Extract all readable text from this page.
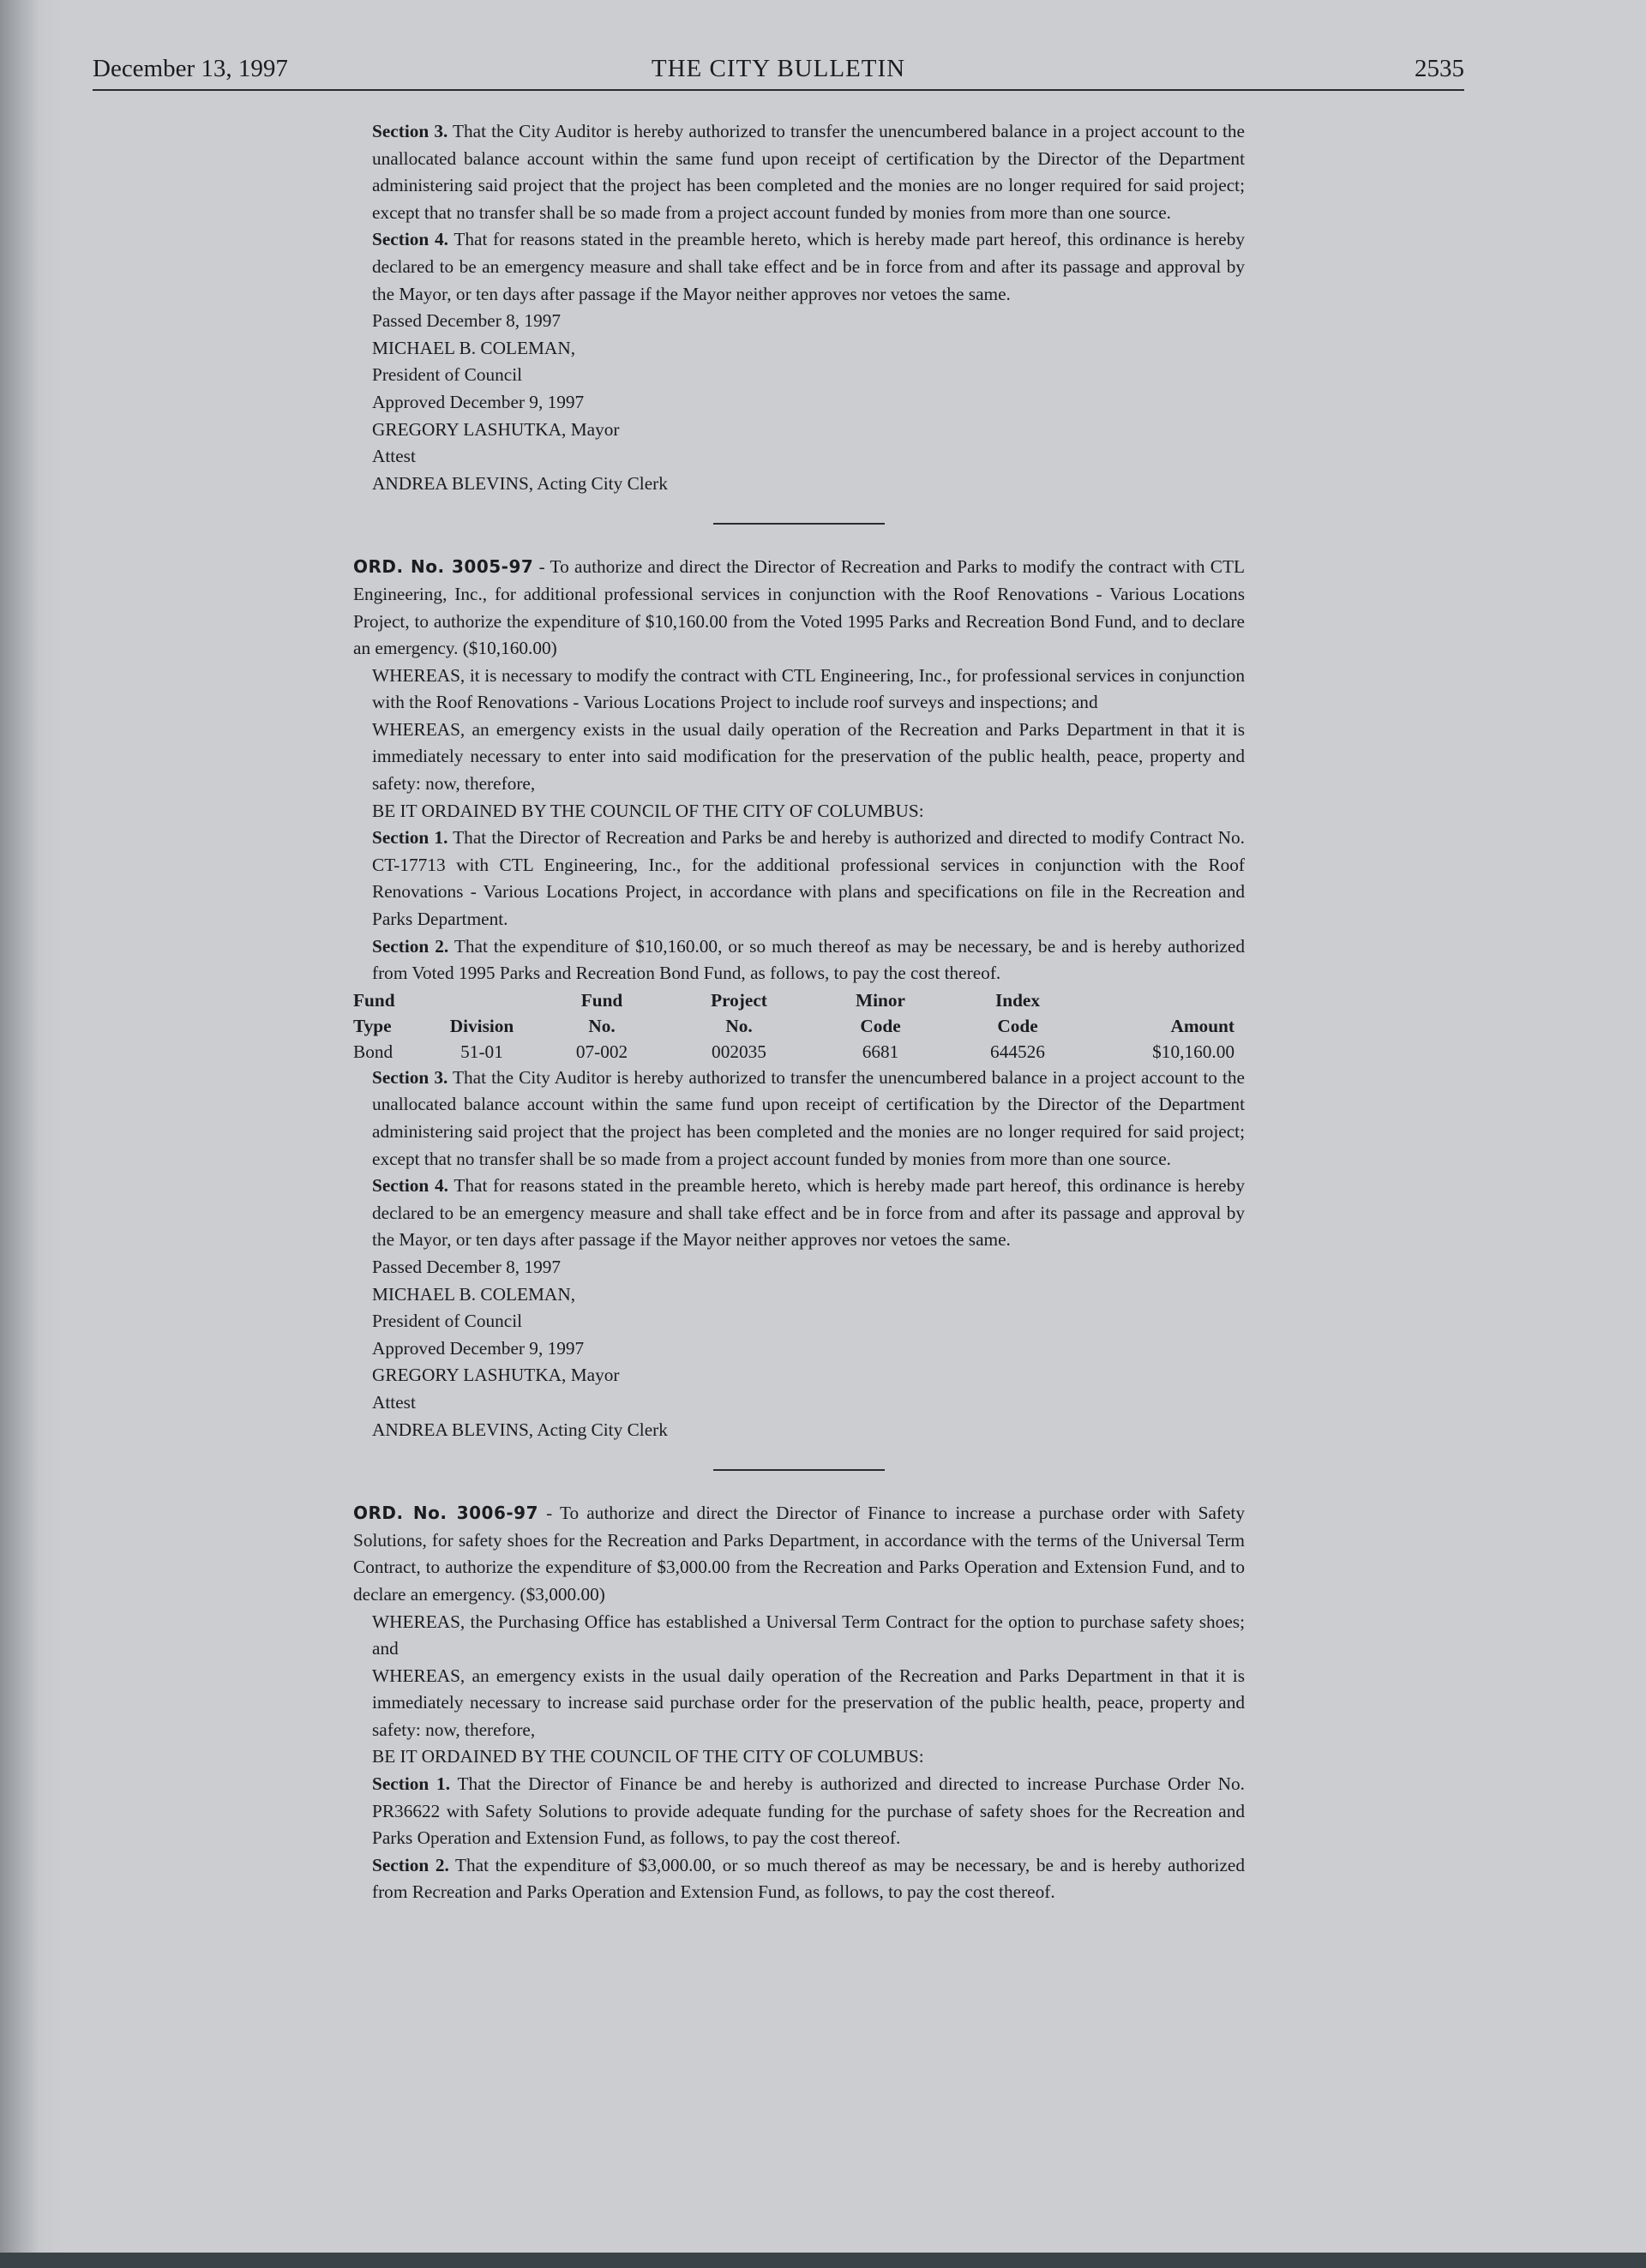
December 13, 1997	THE CITY BULLETIN	2535

Section 3. That the City Auditor is hereby authorized to transfer the unencumbered balance in a project account to the unallocated balance account within the same fund upon receipt of certification by the Director of the Department administering said project that the project has been completed and the monies are no longer required for said project; except that no transfer shall be so made from a project account funded by monies from more than one source.

Section 4. That for reasons stated in the preamble hereto, which is hereby made part hereof, this ordinance is hereby declared to be an emergency measure and shall take effect and be in force from and after its passage and approval by the Mayor, or ten days after passage if the Mayor neither approves nor vetoes the same.

Passed December 8, 1997
MICHAEL B. COLEMAN,
President of Council
Approved December 9, 1997
GREGORY LASHUTKA, Mayor
Attest
ANDREA BLEVINS, Acting City Clerk

ORD. No. 3005-97 - To authorize and direct the Director of Recreation and Parks to modify the contract with CTL Engineering, Inc., for additional professional services in conjunction with the Roof Renovations - Various Locations Project, to authorize the expenditure of $10,160.00 from the Voted 1995 Parks and Recreation Bond Fund, and to declare an emergency. ($10,160.00)

WHEREAS, it is necessary to modify the contract with CTL Engineering, Inc., for professional services in conjunction with the Roof Renovations - Various Locations Project to include roof surveys and inspections; and

WHEREAS, an emergency exists in the usual daily operation of the Recreation and Parks Department in that it is immediately necessary to enter into said modification for the preservation of the public health, peace, property and safety: now, therefore,

BE IT ORDAINED BY THE COUNCIL OF THE CITY OF COLUMBUS:

Section 1. That the Director of Recreation and Parks be and hereby is authorized and directed to modify Contract No. CT-17713 with CTL Engineering, Inc., for the additional professional services in conjunction with the Roof Renovations - Various Locations Project, in accordance with plans and specifications on file in the Recreation and Parks Department.

Section 2. That the expenditure of $10,160.00, or so much thereof as may be necessary, be and is hereby authorized from Voted 1995 Parks and Recreation Bond Fund, as follows, to pay the cost thereof.

Fund		Fund	Project	Minor	Index	
Type	Division	No.	No.	Code	Code	Amount
Bond	51-01	07-002	002035	6681	644526	$10,160.00

Section 3. That the City Auditor is hereby authorized to transfer the unencumbered balance in a project account to the unallocated balance account within the same fund upon receipt of certification by the Director of the Department administering said project that the project has been completed and the monies are no longer required for said project; except that no transfer shall be so made from a project account funded by monies from more than one source.

Section 4. That for reasons stated in the preamble hereto, which is hereby made part hereof, this ordinance is hereby declared to be an emergency measure and shall take effect and be in force from and after its passage and approval by the Mayor, or ten days after passage if the Mayor neither approves nor vetoes the same.

Passed December 8, 1997
MICHAEL B. COLEMAN,
President of Council
Approved December 9, 1997
GREGORY LASHUTKA, Mayor
Attest
ANDREA BLEVINS, Acting City Clerk

ORD. No. 3006-97 - To authorize and direct the Director of Finance to increase a purchase order with Safety Solutions, for safety shoes for the Recreation and Parks Department, in accordance with the terms of the Universal Term Contract, to authorize the expenditure of $3,000.00 from the Recreation and Parks Operation and Extension Fund, and to declare an emergency. ($3,000.00)

WHEREAS, the Purchasing Office has established a Universal Term Contract for the option to purchase safety shoes; and

WHEREAS, an emergency exists in the usual daily operation of the Recreation and Parks Department in that it is immediately necessary to increase said purchase order for the preservation of the public health, peace, property and safety: now, therefore,

BE IT ORDAINED BY THE COUNCIL OF THE CITY OF COLUMBUS:

Section 1. That the Director of Finance be and hereby is authorized and directed to increase Purchase Order No. PR36622 with Safety Solutions to provide adequate funding for the purchase of safety shoes for the Recreation and Parks Operation and Extension Fund, as follows, to pay the cost thereof.

Section 2. That the expenditure of $3,000.00, or so much thereof as may be necessary, be and is hereby authorized from Recreation and Parks Operation and Extension Fund, as follows, to pay the cost thereof.
